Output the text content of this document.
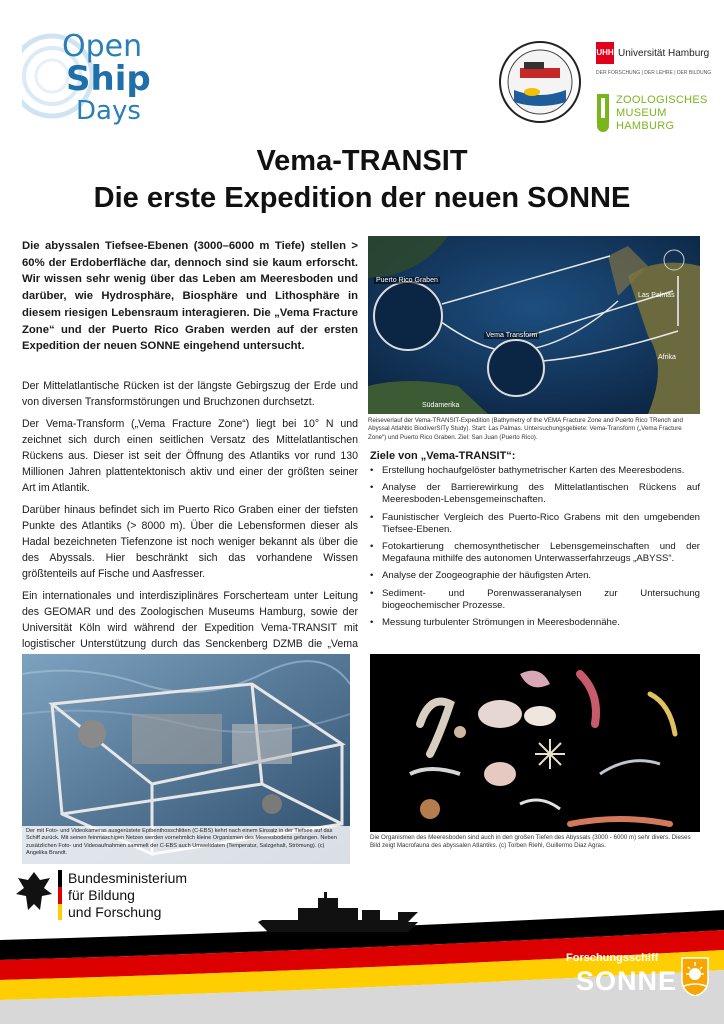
Open
Ship
Days
UHH Universität Hamburg
DER FORSCHUNG | DER LEHRE | DER BILDUNG
ZOOLOGISCHES
MUSEUM
HAMBURG
Vema-TRANSIT
Die erste Expedition der neuen SONNE
Die abyssalen Tiefsee-Ebenen (3000–6000 m Tiefe) stellen > 60% der Erdoberfläche dar, dennoch sind sie kaum erforscht. Wir wissen sehr wenig über das Leben am Meeresboden und darüber, wie Hydrosphäre, Biosphäre und Lithosphäre in diesem riesigen Lebensraum interagieren. Die „Vema Fracture Zone“ und der Puerto Rico Graben werden auf der ersten Expedition der neuen SONNE eingehend untersucht.

Der Mittelatlantische Rücken ist der längste Gebirgszug der Erde und von diversen Transformstörungen und Bruchzonen durchsetzt.

Der Vema-Transform („Vema Fracture Zone“) liegt bei 10° N und zeichnet sich durch einen seitlichen Versatz des Mittelatlantischen Rückens aus. Dieser ist seit der Öffnung des Atlantiks vor rund 130 Millionen Jahren plattentektonisch aktiv und einer der größten seiner Art im Atlantik.

Darüber hinaus befindet sich im Puerto Rico Graben einer der tiefsten Punkte des Atlantiks (> 8000 m). Über die Lebensformen dieser als Hadal bezeichneten Tiefenzone ist noch weniger bekannt als über die des Abyssals. Hier beschränkt sich das vorhandene Wissen größtenteils auf Fische und Aasfresser.

Ein internationales und interdisziplinäres Forscherteam unter Leitung des GEOMAR und des Zoologischen Museums Hamburg, sowie der Universität Köln wird während der Expedition Vema-TRANSIT mit logistischer Unterstützung durch das Senckenberg DZMB die „Vema

Puerto Rico Graben
Vema Transform
Las Palmas
Afrika
Südamerika
Reiseverlauf der Vema-TRANSIT-Expedition (Bathymetry of the VEMA Fracture Zone and Puerto Rico TRench and Abyssal AtlaNtic BiodiverSITy Study). Start: Las Palmas. Untersuchungsgebiete: Vema-Transform („Vema Fracture Zone“) und Puerto Rico Graben. Ziel: San Juan (Puerto Rico).
Ziele von „Vema-TRANSIT“:
• Erstellung hochaufgelöster bathymetrischer Karten des Meeresbodens.
• Analyse der Barrierewirkung des Mittelatlantischen Rückens auf Meeresboden-Lebensgemeinschaften.
• Faunistischer Vergleich des Puerto-Rico Grabens mit den umgebenden Tiefsee-Ebenen.
• Fotokartierung chemosynthetischer Lebensgemeinschaften und der Megafauna mithilfe des autonomen Unterwasserfahrzeugs „ABYSS“.
• Analyse der Zoogeographie der häufigsten Arten.
• Sediment- und Porenwasseranalysen zur Untersuchung biogeochemischer Prozesse.
• Messung turbulenter Strömungen in Meeresbodennähe.
Der mit Foto- und Videokameras ausgerüstete Epibenthosschlitten (C-EBS) kehrt nach einem Einsatz in der Tiefsee auf das Schiff zurück. Mit seinen feinmaschigen Netzen werden vornehmlich kleine Organismen des Meeresbodens gefangen. Neben zusätzlichen Foto- und Videoaufnahmen sammelt der C-EBS auch Umweltdaten (Temperatur, Salzgehalt, Strömung). (c) Angelika Brandt.
Die Organismen des Meeresboden sind auch in den großen Tiefen des Abyssals (3000 - 6000 m) sehr divers. Dieses Bild zeigt Macrofauna des abyssalen Atlantiks. (c) Torben Riehl, Guillermo Diaz Agras.
Bundesministerium
für Bildung
und Forschung
Forschungsschiff
SONNE
